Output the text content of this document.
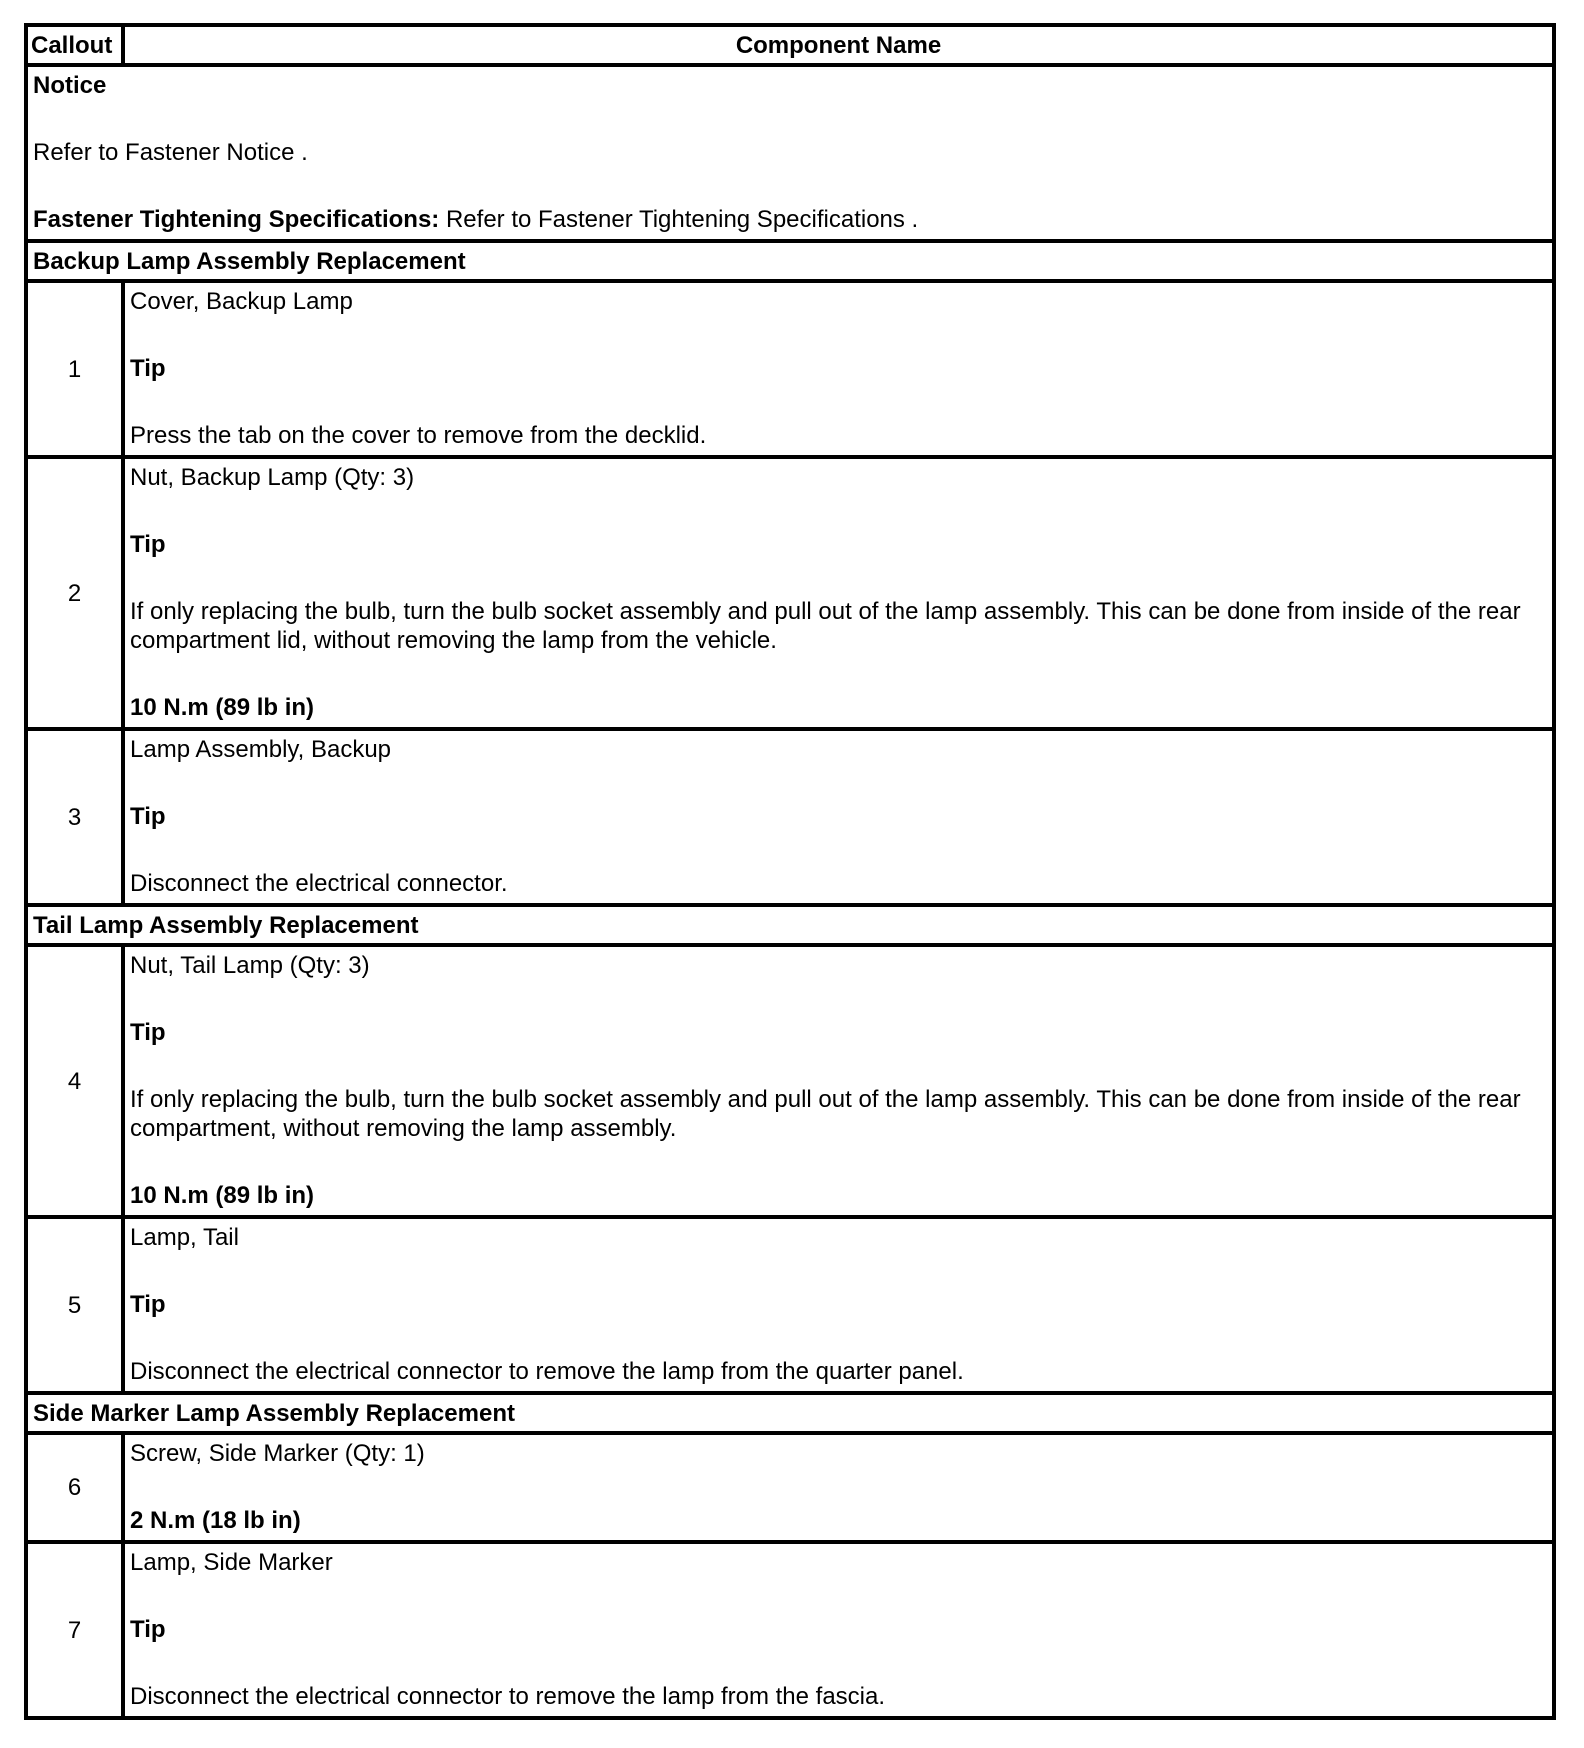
Callout	Component Name

Notice

Refer to Fastener Notice .

Fastener Tightening Specifications: Refer to Fastener Tightening Specifications .	

Backup Lamp Assembly Replacement	
1	Cover, Backup Lamp

Tip

Press the tab on the cover to remove from the decklid.

2	Nut, Backup Lamp (Qty: 3)

Tip

If only replacing the bulb, turn the bulb socket assembly and pull out of the lamp assembly. This can be done from inside of the rear compartment lid, without removing the lamp from the vehicle.

10 N.m (89 lb in)

3	Lamp Assembly, Backup

Tip

Disconnect the electrical connector.

Tail Lamp Assembly Replacement	
4	Nut, Tail Lamp (Qty: 3)

Tip

If only replacing the bulb, turn the bulb socket assembly and pull out of the lamp assembly. This can be done from inside of the rear compartment, without removing the lamp assembly.

10 N.m (89 lb in)

5	Lamp, Tail

Tip

Disconnect the electrical connector to remove the lamp from the quarter panel.

Side Marker Lamp Assembly Replacement	
6	Screw, Side Marker (Qty: 1)

2 N.m (18 lb in)

7	Lamp, Side Marker

Tip

Disconnect the electrical connector to remove the lamp from the fascia.
